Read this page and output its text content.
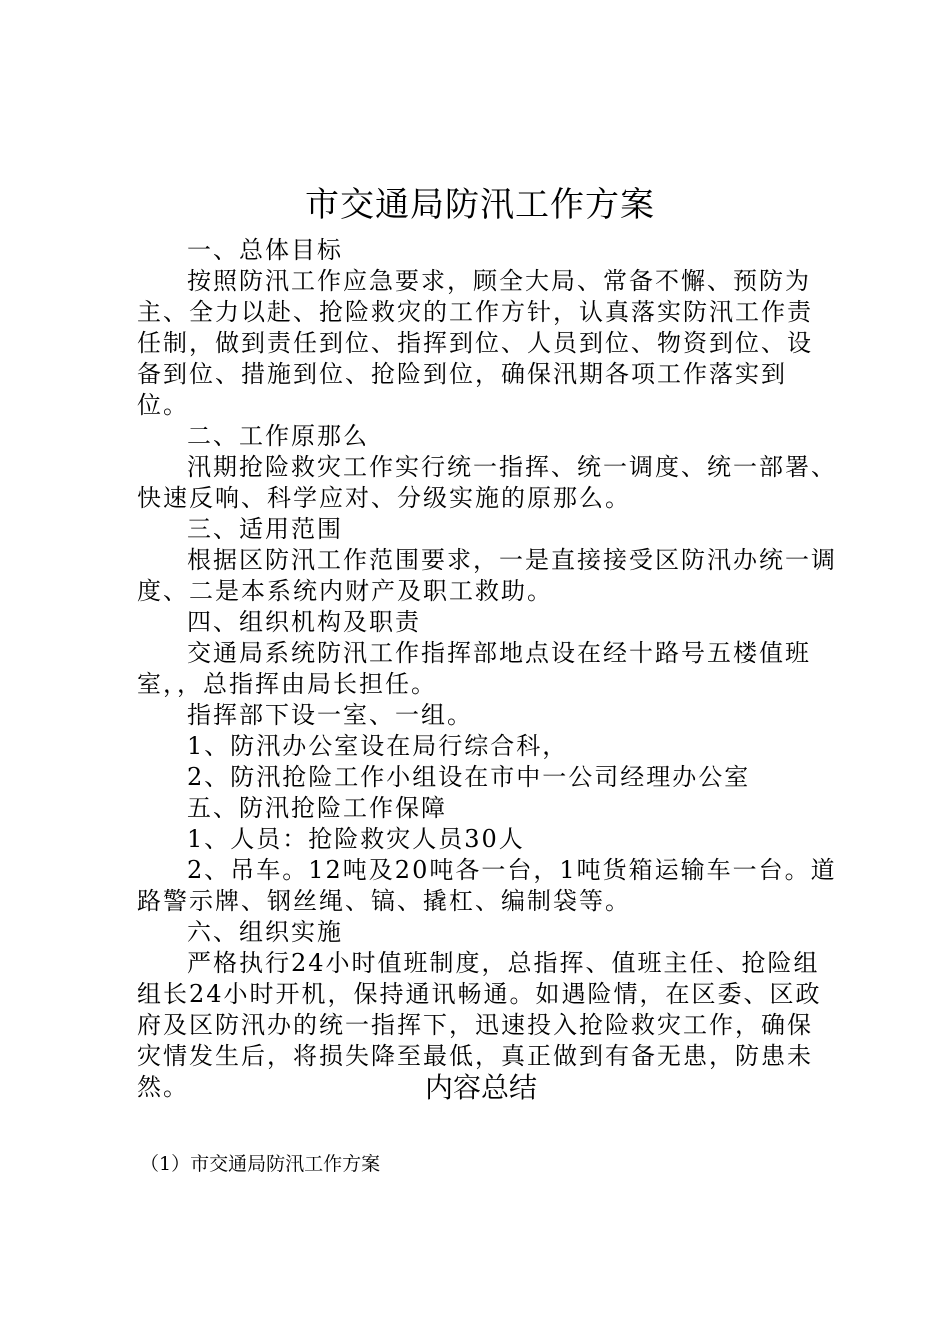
市交通局防汛工作方案

一、总体目标

按照防汛工作应急要求，顾全大局、常备不懈、预防为主、全力以赴、抢险救灾的工作方针，认真落实防汛工作责任制，做到责任到位、指挥到位、人员到位、物资到位、设备到位、措施到位、抢险到位，确保汛期各项工作落实到位。

二、工作原那么

汛期抢险救灾工作实行统一指挥、统一调度、统一部署、快速反响、科学应对、分级实施的原那么。

三、适用范围

根据区防汛工作范围要求，一是直接接受区防汛办统一调度、二是本系统内财产及职工救助。

四、组织机构及职责

交通局系统防汛工作指挥部地点设在经十路号五楼值班室，，总指挥由局长担任。

指挥部下设一室、一组。

1、防汛办公室设在局行综合科，

2、防汛抢险工作小组设在市中一公司经理办公室

五、防汛抢险工作保障

1、人员：抢险救灾人员30人

2、吊车。12吨及20吨各一台，1吨货箱运输车一台。道路警示牌、钢丝绳、镐、撬杠、编制袋等。

六、组织实施

严格执行24小时值班制度，总指挥、值班主任、抢险组组长24小时开机，保持通讯畅通。如遇险情，在区委、区政府及区防汛办的统一指挥下，迅速投入抢险救灾工作，确保灾情发生后，将损失降至最低，真正做到有备无患，防患未然。	内容总结

（1）市交通局防汛工作方案
